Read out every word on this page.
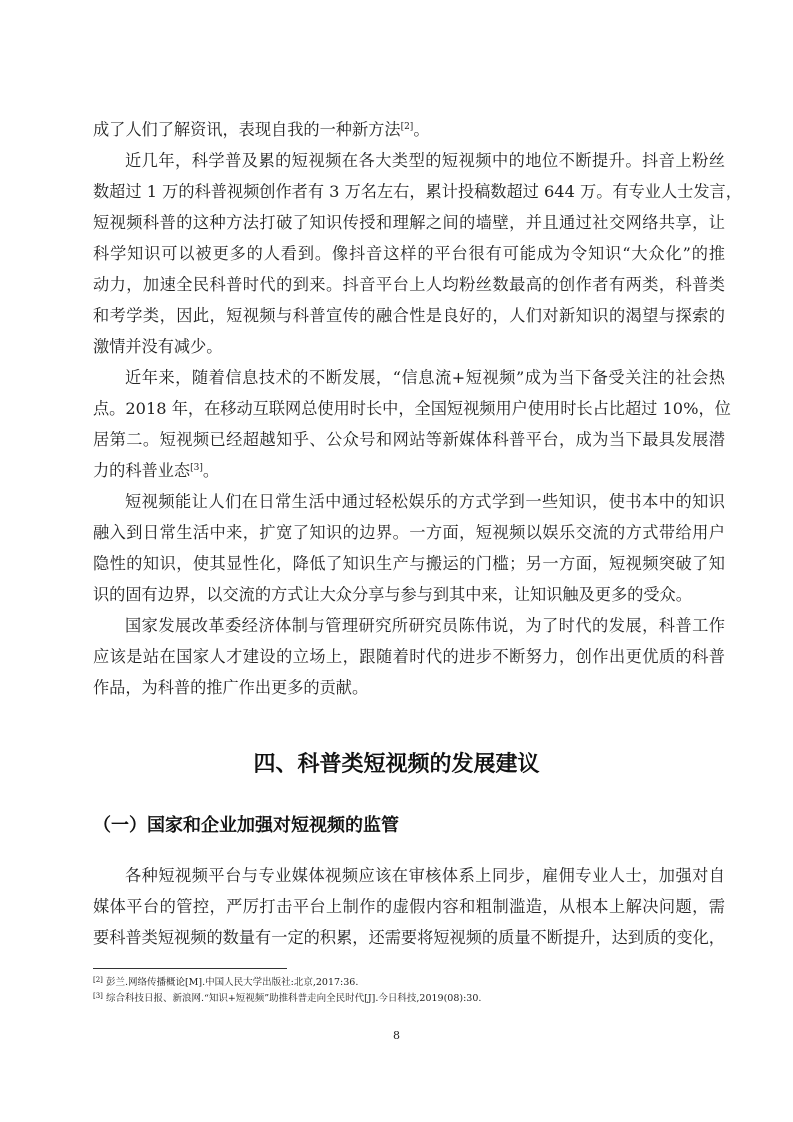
成了人们了解资讯，表现自我的一种新方法[2]。
近几年，科学普及累的短视频在各大类型的短视频中的地位不断提升。抖音上粉丝
数超过 1 万的科普视频创作者有 3 万名左右，累计投稿数超过 644 万。有专业人士发言，
短视频科普的这种方法打破了知识传授和理解之间的墙壁，并且通过社交网络共享，让
科学知识可以被更多的人看到。像抖音这样的平台很有可能成为令知识“大众化”的推
动力，加速全民科普时代的到来。抖音平台上人均粉丝数最高的创作者有两类，科普类
和考学类，因此，短视频与科普宣传的融合性是良好的，人们对新知识的渴望与探索的
激情并没有减少。
近年来，随着信息技术的不断发展，“信息流+短视频”成为当下备受关注的社会热
点。2018 年，在移动互联网总使用时长中，全国短视频用户使用时长占比超过 10%，位
居第二。短视频已经超越知乎、公众号和网站等新媒体科普平台，成为当下最具发展潜
力的科普业态[3]。
短视频能让人们在日常生活中通过轻松娱乐的方式学到一些知识，使书本中的知识
融入到日常生活中来，扩宽了知识的边界。一方面，短视频以娱乐交流的方式带给用户
隐性的知识，使其显性化，降低了知识生产与搬运的门槛；另一方面，短视频突破了知
识的固有边界，以交流的方式让大众分享与参与到其中来，让知识触及更多的受众。
国家发展改革委经济体制与管理研究所研究员陈伟说，为了时代的发展，科普工作
应该是站在国家人才建设的立场上，跟随着时代的进步不断努力，创作出更优质的科普
作品，为科普的推广作出更多的贡献。
四、科普类短视频的发展建议
（一）国家和企业加强对短视频的监管
各种短视频平台与专业媒体视频应该在审核体系上同步，雇佣专业人士，加强对自
媒体平台的管控，严厉打击平台上制作的虚假内容和粗制滥造，从根本上解决问题，需
要科普类短视频的数量有一定的积累，还需要将短视频的质量不断提升，达到质的变化，
[2] 彭兰.网络传播概论[M].中国人民大学出版社:北京,2017:36.
[3] 综合科技日报、新浪网.“知识+短视频”助推科普走向全民时代[J].今日科技,2019(08):30.
8
